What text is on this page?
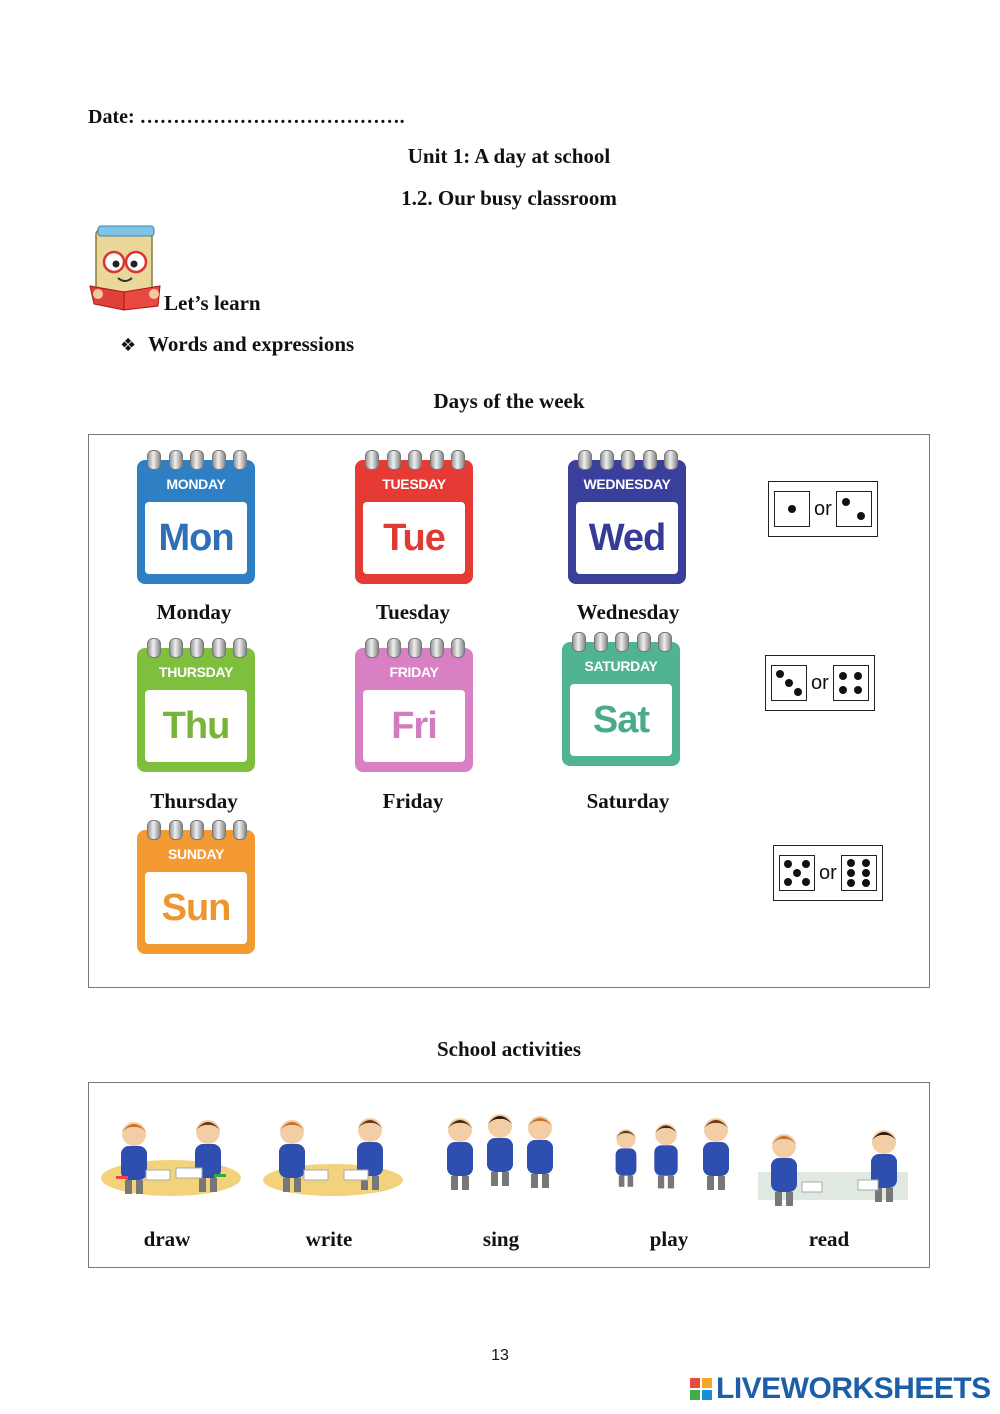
Date: ………………………………….
Unit 1: A day at school
1.2. Our busy classroom
Let’s learn
❖ Words and expressions
Days of the week
MONDAY
Mon
Monday
TUESDAY
Tue
Tuesday
WEDNESDAY
Wed
Wednesday
THURSDAY
Thu
Thursday
FRIDAY
Fri
Friday
SATURDAY
Sat
Saturday
SUNDAY
Sun
or
or
or
School activities
draw	write	sing	play	read
13
LIVEWORKSHEETS
